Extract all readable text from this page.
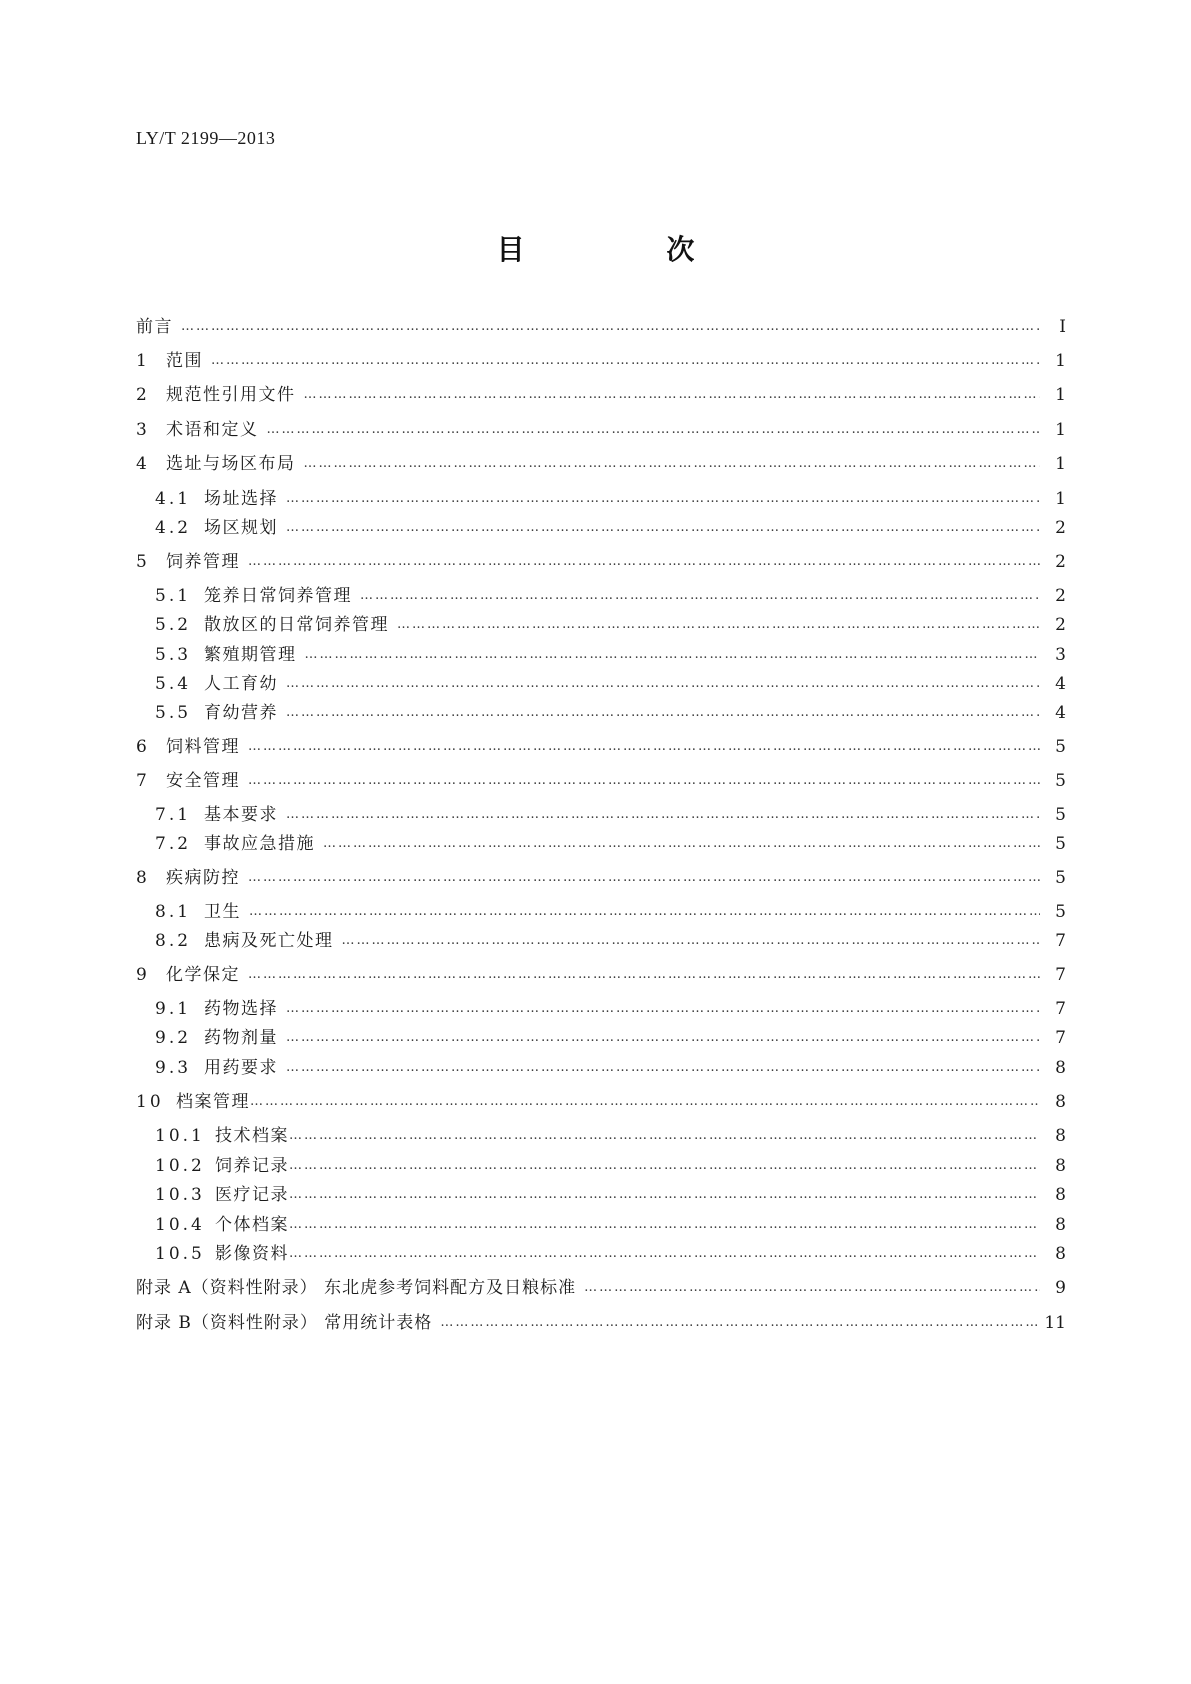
LY/T 2199—2013
目 次
前言 …………………………………………………………………………………………………………………………………………………………………………………………………………………………	Ⅰ
1 范围 …………………………………………………………………………………………………………………………………………………………………………………………………………………………	1
2 规范性引用文件 …………………………………………………………………………………………………………………………………………………………………………………………………………………………	1
3 术语和定义 …………………………………………………………………………………………………………………………………………………………………………………………………………………………	1
4 选址与场区布局 …………………………………………………………………………………………………………………………………………………………………………………………………………………………	1
4.1 场址选择 …………………………………………………………………………………………………………………………………………………………………………………………………………………………	1
4.2 场区规划 …………………………………………………………………………………………………………………………………………………………………………………………………………………………	2
5 饲养管理 …………………………………………………………………………………………………………………………………………………………………………………………………………………………	2
5.1 笼养日常饲养管理 …………………………………………………………………………………………………………………………………………………………………………………………………………………………	2
5.2 散放区的日常饲养管理 …………………………………………………………………………………………………………………………………………………………………………………………………………………………	2
5.3 繁殖期管理 …………………………………………………………………………………………………………………………………………………………………………………………………………………………	3
5.4 人工育幼 …………………………………………………………………………………………………………………………………………………………………………………………………………………………	4
5.5 育幼营养 …………………………………………………………………………………………………………………………………………………………………………………………………………………………	4
6 饲料管理 …………………………………………………………………………………………………………………………………………………………………………………………………………………………	5
7 安全管理 …………………………………………………………………………………………………………………………………………………………………………………………………………………………	5
7.1 基本要求 …………………………………………………………………………………………………………………………………………………………………………………………………………………………	5
7.2 事故应急措施 …………………………………………………………………………………………………………………………………………………………………………………………………………………………	5
8 疾病防控 …………………………………………………………………………………………………………………………………………………………………………………………………………………………	5
8.1 卫生 …………………………………………………………………………………………………………………………………………………………………………………………………………………………	5
8.2 患病及死亡处理 …………………………………………………………………………………………………………………………………………………………………………………………………………………………	7
9 化学保定 …………………………………………………………………………………………………………………………………………………………………………………………………………………………	7
9.1 药物选择 …………………………………………………………………………………………………………………………………………………………………………………………………………………………	7
9.2 药物剂量 …………………………………………………………………………………………………………………………………………………………………………………………………………………………	7
9.3 用药要求 …………………………………………………………………………………………………………………………………………………………………………………………………………………………	8
10 档案管理 …………………………………………………………………………………………………………………………………………………………………………………………………………………………	8
10.1 技术档案 …………………………………………………………………………………………………………………………………………………………………………………………………………………………	8
10.2 饲养记录 …………………………………………………………………………………………………………………………………………………………………………………………………………………………	8
10.3 医疗记录 …………………………………………………………………………………………………………………………………………………………………………………………………………………………	8
10.4 个体档案 …………………………………………………………………………………………………………………………………………………………………………………………………………………………	8
10.5 影像资料 …………………………………………………………………………………………………………………………………………………………………………………………………………………………	8
附录 A（资料性附录） 东北虎参考饲料配方及日粮标准 …………………………………………………………………………………………………………………………………………………………………………………………………………………………	9
附录 B（资料性附录） 常用统计表格 …………………………………………………………………………………………………………………………………………………………………………………………………………………………	11
